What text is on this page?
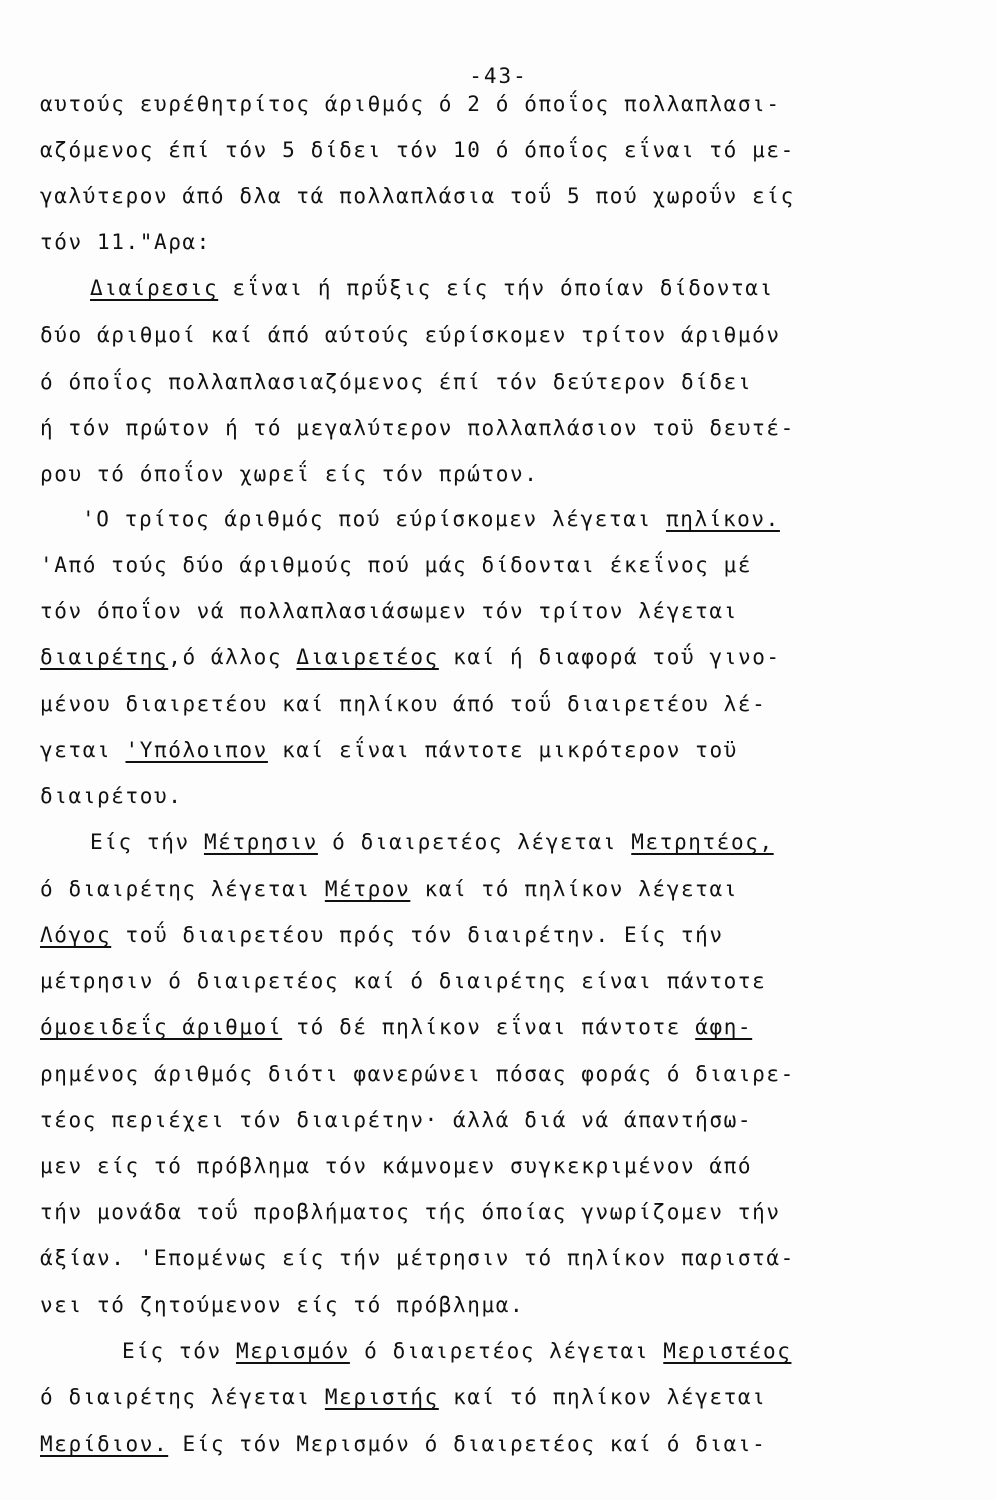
-43-
αυτούς ευρέθητρίτος άριθμός ό 2 ό όποΐος πολλαπλασι-
αζόμενος έπί τόν 5 δίδει τόν 10 ό όποΐος εΐναι τό με-
γαλύτερον άπό δλα τά πολλαπλάσια τοΰ 5 πού χωροΰν είς
τόν 11."Αρα:
Διαίρεσις εΐναι ή πρΰξις είς τήν όποίαν δίδονται
δύο άριθμοί καί άπό αύτούς εύρίσκομεν τρίτον άριθμόν
ό όποΐος πολλαπλασιαζόμενος έπί τόν δεύτερον δίδει
ή τόν πρώτον ή τό μεγαλύτερον πολλαπλάσιον τοϋ δευτέ-
ρου τό όποΐον χωρεΐ είς τόν πρώτον.
'Ο τρίτος άριθμός πού εύρίσκομεν λέγεται πηλίκον.
'Από τούς δύο άριθμούς πού μάς δίδονται έκεΐνος μέ
τόν όποΐον νά πολλαπλασιάσωμεν τόν τρίτον λέγεται
διαιρέτης,ό άλλος Διαιρετέος καί ή διαφορά τοΰ γινο-
μένου διαιρετέου καί πηλίκου άπό τοΰ διαιρετέου λέ-
γεται 'Υπόλοιπον καί εΐναι πάντοτε μικρότερον τοϋ
διαιρέτου.
Είς τήν Μέτρησιν ό διαιρετέος λέγεται Μετρητέος,
ό διαιρέτης λέγεται Μέτρον καί τό πηλίκον λέγεται
Λόγος τοΰ διαιρετέου πρός τόν διαιρέτην. Είς τήν
μέτρησιν ό διαιρετέος καί ό διαιρέτης είναι πάντοτε
όμοειδεΐς άριθμοί τό δέ πηλίκον εΐναι πάντοτε άφη-
ρημένος άριθμός διότι φανερώνει πόσας φοράς ό διαιρε-
τέος περιέχει τόν διαιρέτην· άλλά διά νά άπαντήσω-
μεν είς τό πρόβλημα τόν κάμνομεν συγκεκριμένον άπό
τήν μονάδα τοΰ προβλήματος τής όποίας γνωρίζομεν τήν
άξίαν. 'Επομένως είς τήν μέτρησιν τό πηλίκον παριστά-
νει τό ζητούμενον είς τό πρόβλημα.
Είς τόν Μερισμόν ό διαιρετέος λέγεται Μεριστέος
ό διαιρέτης λέγεται Μεριστής καί τό πηλίκον λέγεται
Μερίδιον. Είς τόν Μερισμόν ό διαιρετέος καί ό διαι-
